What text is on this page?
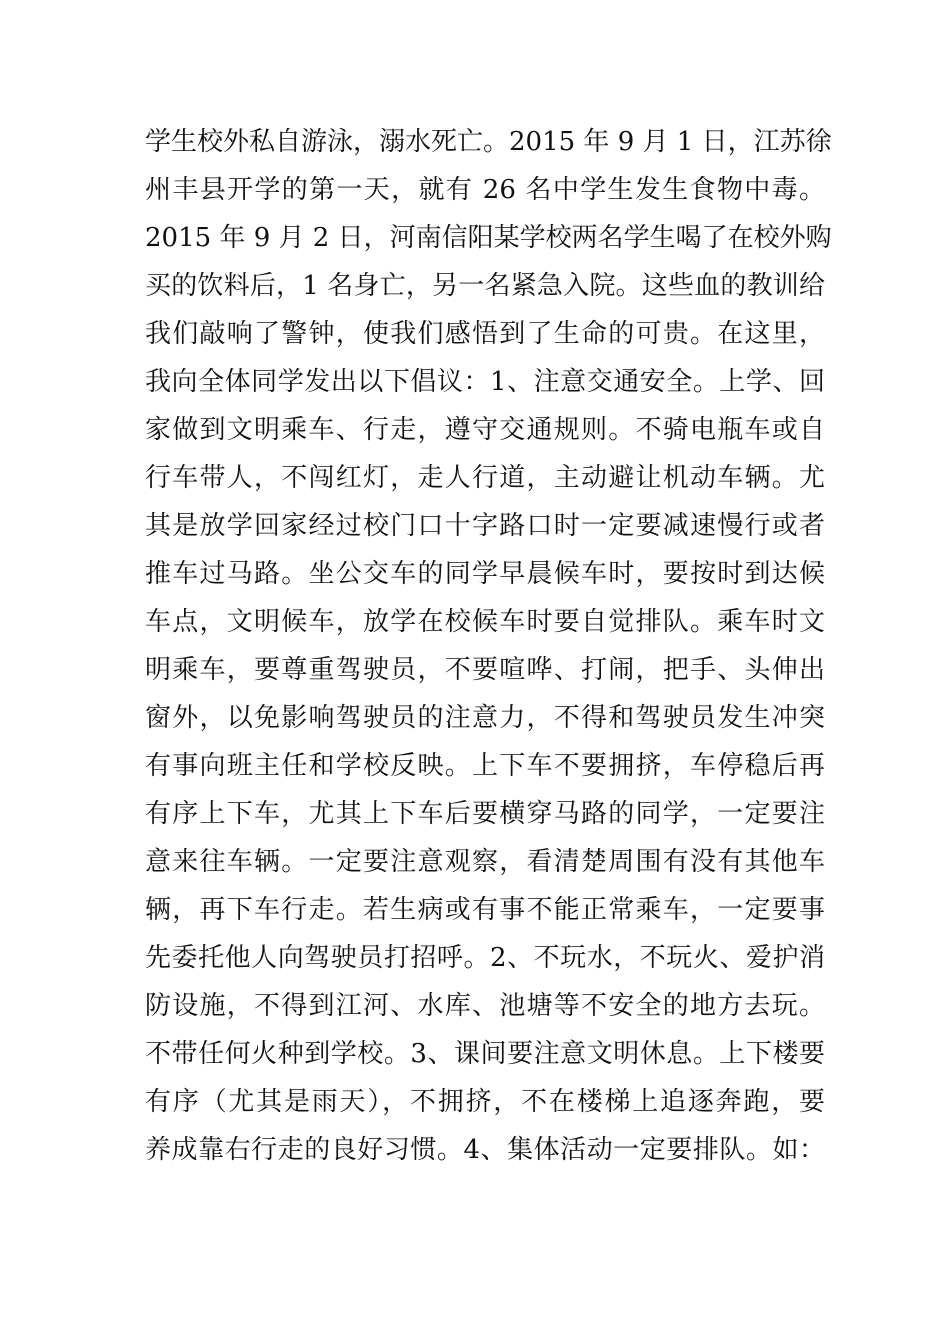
学生校外私自游泳，溺水死亡。2015 年 9 月 1 日，江苏徐
州丰县开学的第一天，就有 26 名中学生发生食物中毒。
2015 年 9 月 2 日，河南信阳某学校两名学生喝了在校外购
买的饮料后，1 名身亡，另一名紧急入院。这些血的教训给
我们敲响了警钟，使我们感悟到了生命的可贵。在这里，
我向全体同学发出以下倡议：1、注意交通安全。上学、回
家做到文明乘车、行走，遵守交通规则。不骑电瓶车或自
行车带人，不闯红灯，走人行道，主动避让机动车辆。尤
其是放学回家经过校门口十字路口时一定要减速慢行或者
推车过马路。坐公交车的同学早晨候车时，要按时到达候
车点，文明候车，放学在校候车时要自觉排队。乘车时文
明乘车，要尊重驾驶员，不要喧哗、打闹，把手、头伸出
窗外，以免影响驾驶员的注意力，不得和驾驶员发生冲突
有事向班主任和学校反映。上下车不要拥挤，车停稳后再
有序上下车，尤其上下车后要横穿马路的同学，一定要注
意来往车辆。一定要注意观察，看清楚周围有没有其他车
辆，再下车行走。若生病或有事不能正常乘车，一定要事
先委托他人向驾驶员打招呼。2、不玩水，不玩火、爱护消
防设施，不得到江河、水库、池塘等不安全的地方去玩。
不带任何火种到学校。3、课间要注意文明休息。上下楼要
有序（尤其是雨天），不拥挤，不在楼梯上追逐奔跑，要
养成靠右行走的良好习惯。4、集体活动一定要排队。如：
